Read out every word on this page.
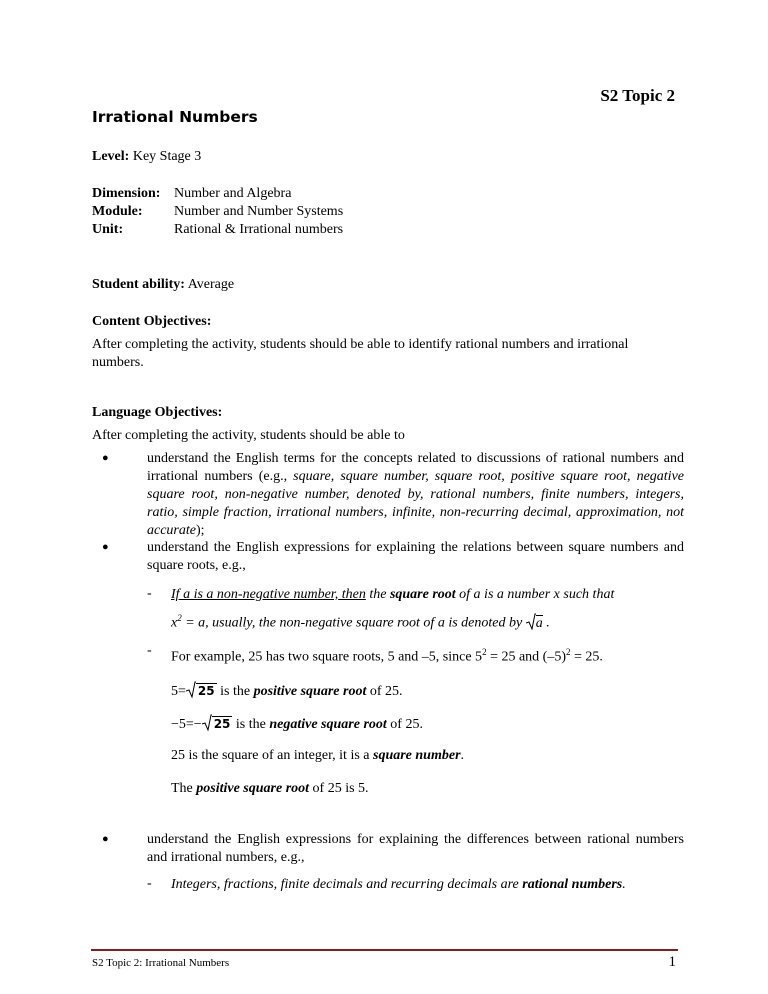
S2 Topic 2
Irrational Numbers
Level: Key Stage 3
Dimension: Number and Algebra
Module:	Number and Number Systems
Unit:	Rational & Irrational numbers
Student ability: Average
Content Objectives:
After completing the activity, students should be able to identify rational numbers and irrational numbers.
Language Objectives:
After completing the activity, students should be able to
●	understand the English terms for the concepts related to discussions of rational numbers and irrational numbers (e.g., square, square number, square root, positive square root, negative square root, non-negative number, denoted by, rational numbers, finite numbers, integers, ratio, simple fraction, irrational numbers, infinite, non-recurring decimal, approximation, not accurate);
●	understand the English expressions for explaining the relations between square numbers and square roots, e.g.,
- If a is a non-negative number, then the square root of a is a number x such that
$x^2 = a$, usually, the non-negative square root of a is denoted by a .
- For example, 25 has two square roots, 5 and –5, since $5^2 = 25$ and $(-5)^2 = 25$.
5= 25 is the positive square root of 25.
−5=− 25 is the negative square root of 25.
25 is the square of an integer, it is a square number.
The positive square root of 25 is 5.
●	understand the English expressions for explaining the differences between rational numbers and irrational numbers, e.g.,
- Integers, fractions, finite decimals and recurring decimals are rational numbers.
S2 Topic 2: Irrational Numbers	1
